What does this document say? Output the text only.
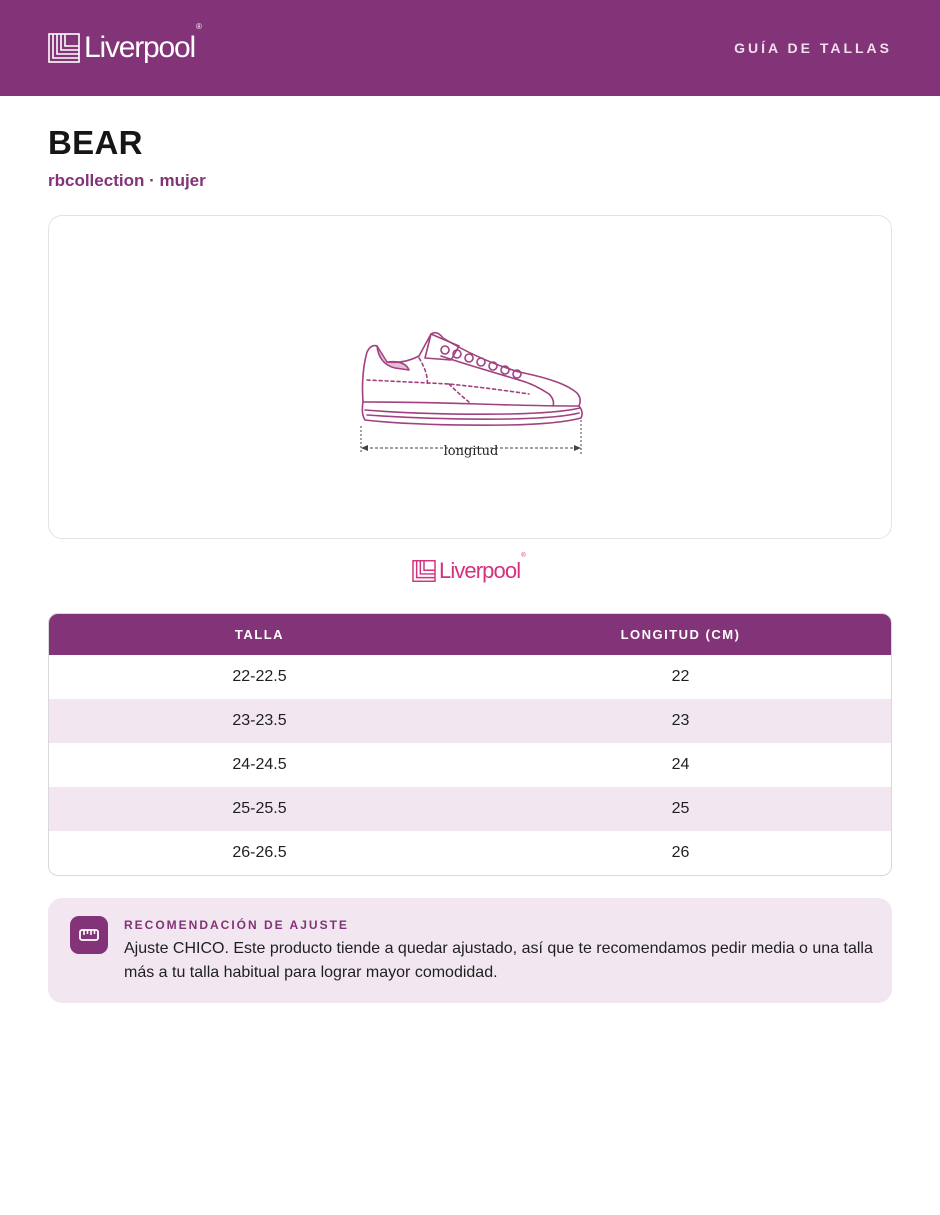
Liverpool®
GUÍA DE TALLAS
BEAR
rbcollection · mujer
longitud
Liverpool®
TALLA	LONGITUD (CM)
22-22.5	22
23-23.5	23
24-24.5	24
25-25.5	25
26-26.5	26
RECOMENDACIÓN DE AJUSTE

Ajuste CHICO. Este producto tiende a quedar ajustado, así que te recomendamos pedir media o una talla más a tu talla habitual para lograr mayor comodidad.
